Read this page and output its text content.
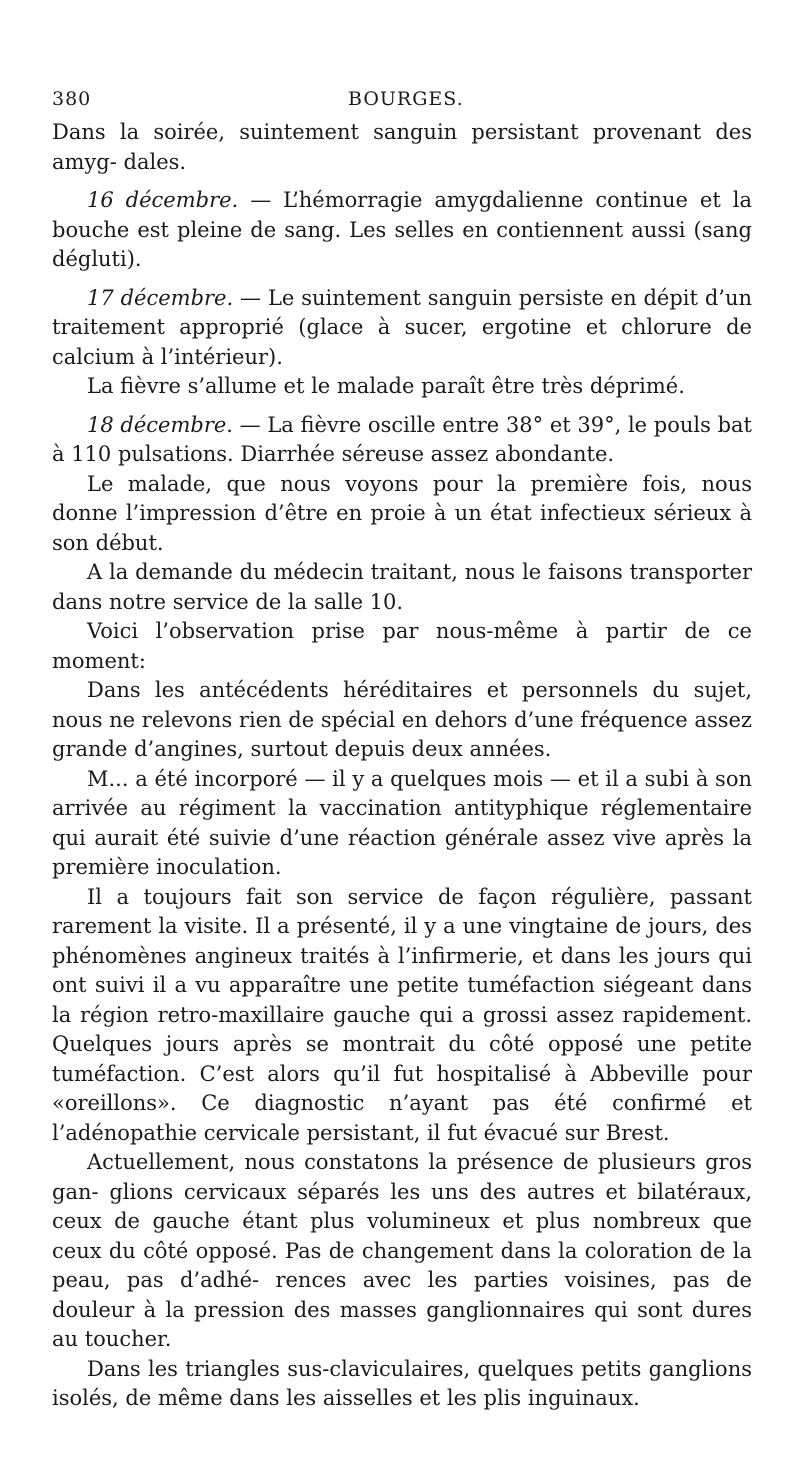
380	BOURGES.

Dans la soirée, suintement sanguin persistant provenant des amyg- dales.

16 décembre. — L’hémorragie amygdalienne continue et la bouche est pleine de sang. Les selles en contiennent aussi (sang dégluti).

17 décembre. — Le suintement sanguin persiste en dépit d’un traitement approprié (glace à sucer, ergotine et chlorure de calcium à l’intérieur).

La fièvre s’allume et le malade paraît être très déprimé.

18 décembre. — La fièvre oscille entre 38° et 39°, le pouls bat à 110 pulsations. Diarrhée séreuse assez abondante.

Le malade, que nous voyons pour la première fois, nous donne l’impression d’être en proie à un état infectieux sérieux à son début.

A la demande du médecin traitant, nous le faisons transporter dans notre service de la salle 10.

Voici l’observation prise par nous-même à partir de ce moment:

Dans les antécédents héréditaires et personnels du sujet, nous ne relevons rien de spécial en dehors d’une fréquence assez grande d’angines, surtout depuis deux années.

M... a été incorporé — il y a quelques mois — et il a subi à son arrivée au régiment la vaccination antityphique réglementaire qui aurait été suivie d’une réaction générale assez vive après la première inoculation.

Il a toujours fait son service de façon régulière, passant rarement la visite. Il a présenté, il y a une vingtaine de jours, des phénomènes angineux traités à l’infirmerie, et dans les jours qui ont suivi il a vu apparaître une petite tuméfaction siégeant dans la région retro-maxillaire gauche qui a grossi assez rapidement. Quelques jours après se montrait du côté opposé une petite tuméfaction. C’est alors qu’il fut hospitalisé à Abbeville pour «oreillons». Ce diagnostic n’ayant pas été confirmé et l’adénopathie cervicale persistant, il fut évacué sur Brest.

Actuellement, nous constatons la présence de plusieurs gros gan- glions cervicaux séparés les uns des autres et bilatéraux, ceux de gauche étant plus volumineux et plus nombreux que ceux du côté opposé. Pas de changement dans la coloration de la peau, pas d’adhé- rences avec les parties voisines, pas de douleur à la pression des masses ganglionnaires qui sont dures au toucher.

Dans les triangles sus-claviculaires, quelques petits ganglions isolés, de même dans les aisselles et les plis inguinaux.
